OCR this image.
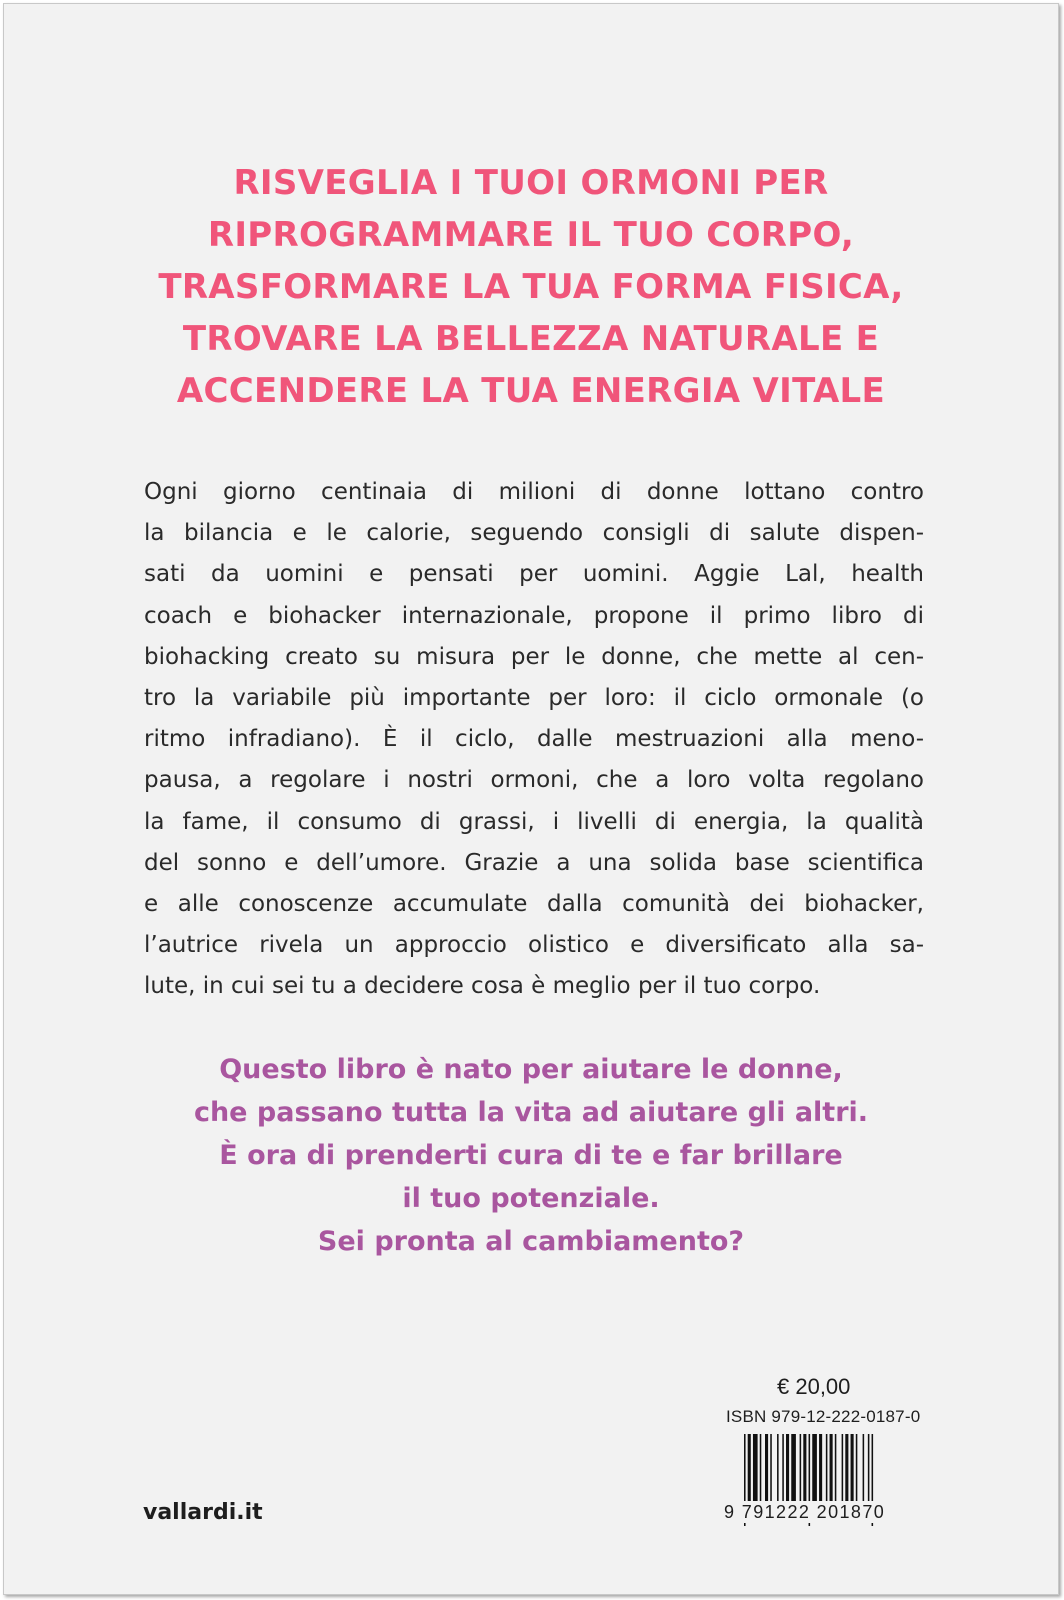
RISVEGLIA I TUOI ORMONI PER
RIPROGRAMMARE IL TUO CORPO,
TRASFORMARE LA TUA FORMA FISICA,
TROVARE LA BELLEZZA NATURALE E
ACCENDERE LA TUA ENERGIA VITALE

Ogni giorno centinaia di milioni di donne lottano contro
la bilancia e le calorie, seguendo consigli di salute dispen-
sati da uomini e pensati per uomini. Aggie Lal, health
coach e biohacker internazionale, propone il primo libro di
biohacking creato su misura per le donne, che mette al cen-
tro la variabile più importante per loro: il ciclo ormonale (o
ritmo infradiano). È il ciclo, dalle mestruazioni alla meno-
pausa, a regolare i nostri ormoni, che a loro volta regolano
la fame, il consumo di grassi, i livelli di energia, la qualità
del sonno e dell’umore. Grazie a una solida base scientifica
e alle conoscenze accumulate dalla comunità dei biohacker,
l’autrice rivela un approccio olistico e diversificato alla sa-
lute, in cui sei tu a decidere cosa è meglio per il tuo corpo.

Questo libro è nato per aiutare le donne,
che passano tutta la vita ad aiutare gli altri.
È ora di prenderti cura di te e far brillare
il tuo potenziale.
Sei pronta al cambiamento?

€ 20,00
ISBN 979-12-222-0187-0
9 791222 201870
vallardi.it
